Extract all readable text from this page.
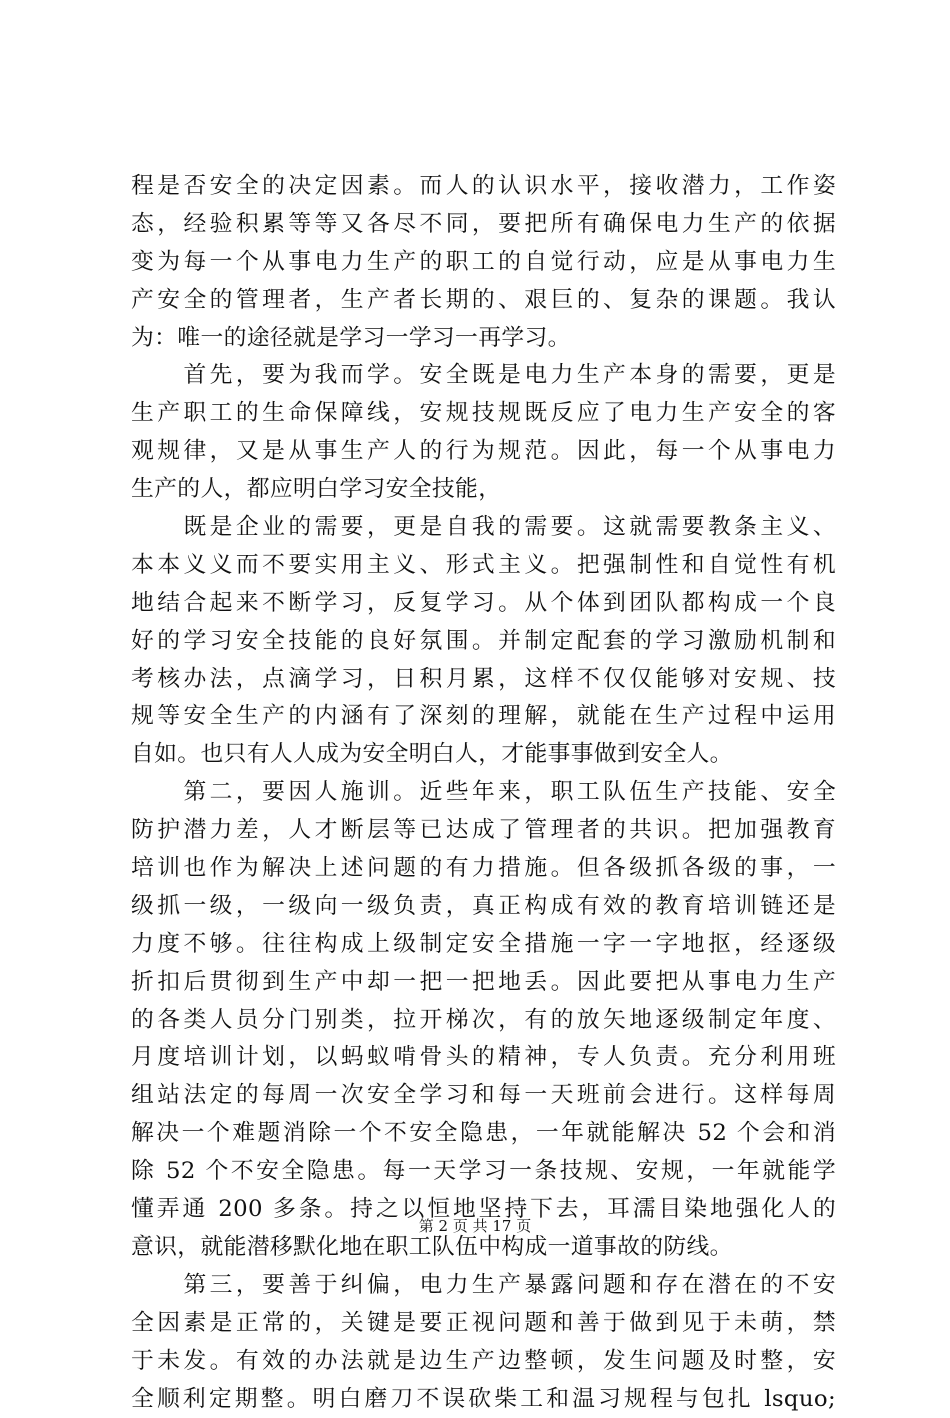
程是否安全的决定因素。而人的认识水平，接收潜力，工作姿
态，经验积累等等又各尽不同，要把所有确保电力生产的依据
变为每一个从事电力生产的职工的自觉行动，应是从事电力生
产安全的管理者，生产者长期的、艰巨的、复杂的课题。我认
为：唯一的途径就是学习一学习一再学习。
　　首先，要为我而学。安全既是电力生产本身的需要，更是
生产职工的生命保障线，安规技规既反应了电力生产安全的客
观规律，又是从事生产人的行为规范。因此，每一个从事电力
生产的人，都应明白学习安全技能，
　　既是企业的需要，更是自我的需要。这就需要教条主义、
本本义义而不要实用主义、形式主义。把强制性和自觉性有机
地结合起来不断学习，反复学习。从个体到团队都构成一个良
好的学习安全技能的良好氛围。并制定配套的学习激励机制和
考核办法，点滴学习，日积月累，这样不仅仅能够对安规、技
规等安全生产的内涵有了深刻的理解，就能在生产过程中运用
自如。也只有人人成为安全明白人，才能事事做到安全人。
　　第二，要因人施训。近些年来，职工队伍生产技能、安全
防护潜力差，人才断层等已达成了管理者的共识。把加强教育
培训也作为解决上述问题的有力措施。但各级抓各级的事，一
级抓一级，一级向一级负责，真正构成有效的教育培训链还是
力度不够。往往构成上级制定安全措施一字一字地抠，经逐级
折扣后贯彻到生产中却一把一把地丢。因此要把从事电力生产
的各类人员分门别类，拉开梯次，有的放矢地逐级制定年度、
月度培训计划，以蚂蚁啃骨头的精神，专人负责。充分利用班
组站法定的每周一次安全学习和每一天班前会进行。这样每周
解决一个难题消除一个不安全隐患，一年就能解决 52 个会和消
除 52 个不安全隐患。每一天学习一条技规、安规，一年就能学
懂弄通 200 多条。持之以恒地坚持下去，耳濡目染地强化人的
意识，就能潜移默化地在职工队伍中构成一道事故的防线。
　　第三，要善于纠偏，电力生产暴露问题和存在潜在的不安
全因素是正常的，关键是要正视问题和善于做到见于未萌，禁
于未发。有效的办法就是边生产边整顿，发生问题及时整，安
全顺利定期整。明白磨刀不误砍柴工和温习规程与包扎 lsquo;
第 2 页 共 17 页
